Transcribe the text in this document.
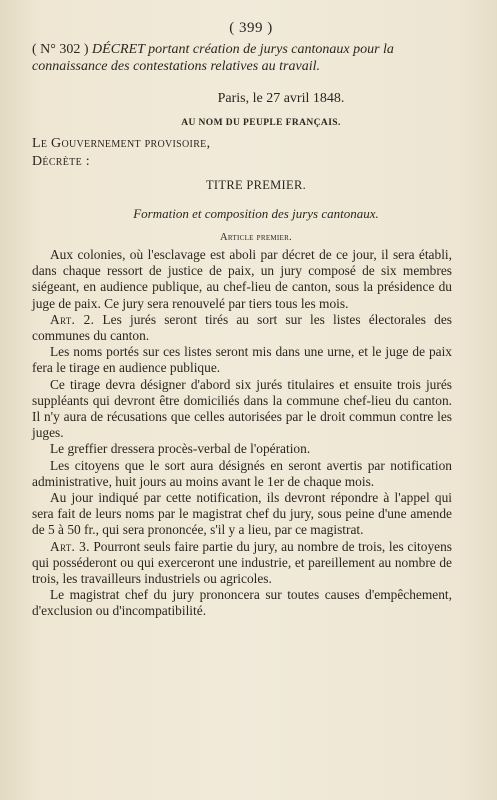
( 399 )
( N° 302 ) DÉCRET portant création de jurys cantonaux pour la connaissance des contestations relatives au travail.
Paris, le 27 avril 1848.
AU NOM DU PEUPLE FRANÇAIS.
Le Gouvernement provisoire,
Décrète :
TITRE PREMIER.
Formation et composition des jurys cantonaux.
Article premier.

Aux colonies, où l'esclavage est aboli par décret de ce jour, il sera établi, dans chaque ressort de justice de paix, un jury composé de six membres siégeant, en audience publique, au chef-lieu de canton, sous la présidence du juge de paix. Ce jury sera renouvelé par tiers tous les mois.

Art. 2. Les jurés seront tirés au sort sur les listes électorales des communes du canton.

Les noms portés sur ces listes seront mis dans une urne, et le juge de paix fera le tirage en audience publique.

Ce tirage devra désigner d'abord six jurés titulaires et ensuite trois jurés suppléants qui devront être domiciliés dans la commune chef-lieu du canton. Il n'y aura de récusations que celles autorisées par le droit commun contre les juges.

Le greffier dressera procès-verbal de l'opération.

Les citoyens que le sort aura désignés en seront avertis par notification administrative, huit jours au moins avant le 1er de chaque mois.

Au jour indiqué par cette notification, ils devront répondre à l'appel qui sera fait de leurs noms par le magistrat chef du jury, sous peine d'une amende de 5 à 50 fr., qui sera prononcée, s'il y a lieu, par ce magistrat.

Art. 3. Pourront seuls faire partie du jury, au nombre de trois, les citoyens qui posséderont ou qui exerceront une industrie, et pareillement au nombre de trois, les travailleurs industriels ou agricoles.

Le magistrat chef du jury prononcera sur toutes causes d'empêchement, d'exclusion ou d'incompatibilité.
